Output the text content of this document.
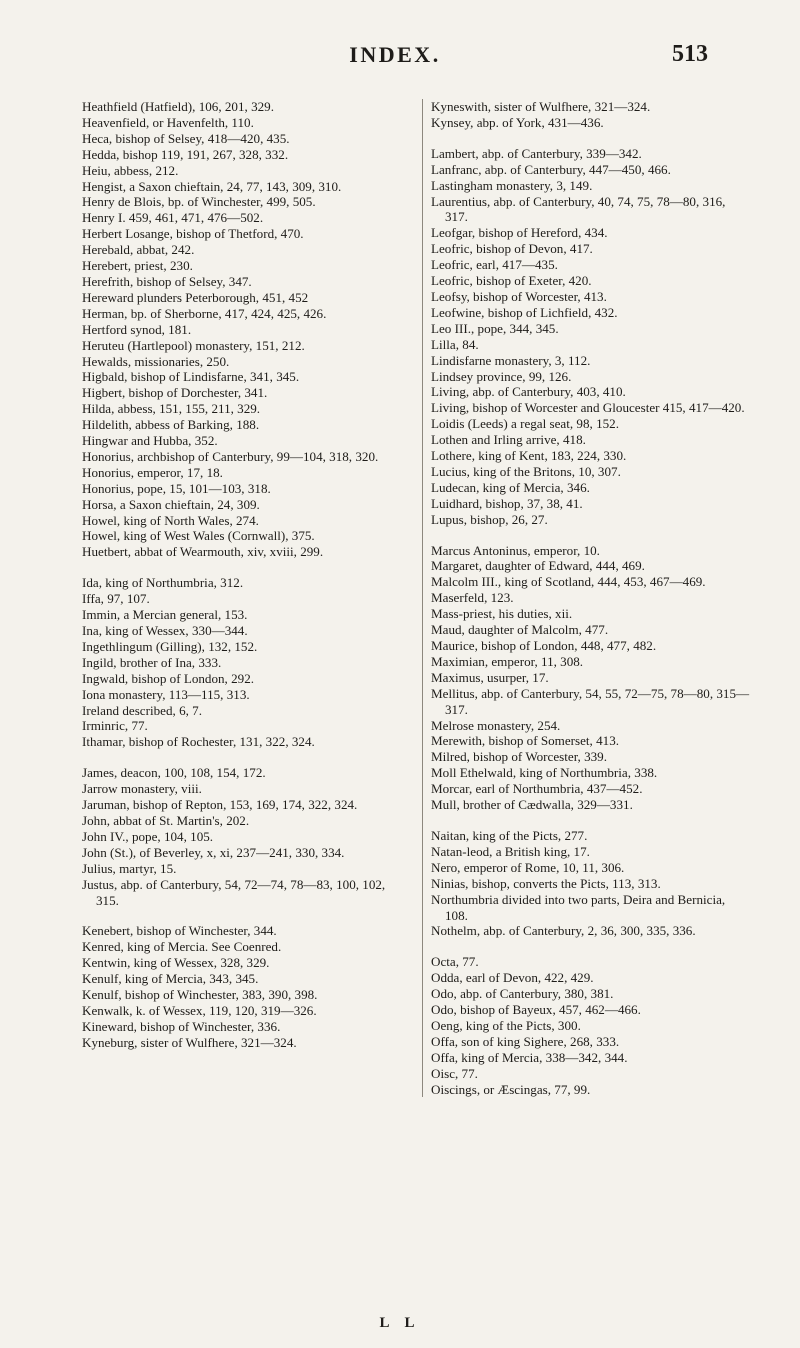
INDEX.	513
Heathfield (Hatfield), 106, 201, 329.
Heavenfield, or Havenfelth, 110.
Heca, bishop of Selsey, 418—420, 435.
Hedda, bishop 119, 191, 267, 328, 332.
Heiu, abbess, 212.
Hengist, a Saxon chieftain, 24, 77, 143, 309, 310.
Henry de Blois, bp. of Winchester, 499, 505.
Henry I. 459, 461, 471, 476—502.
Herbert Losange, bishop of Thetford, 470.
Herebald, abbat, 242.
Herebert, priest, 230.
Herefrith, bishop of Selsey, 347.
Hereward plunders Peterborough, 451, 452
Herman, bp. of Sherborne, 417, 424, 425, 426.
Hertford synod, 181.
Heruteu (Hartlepool) monastery, 151, 212.
Hewalds, missionaries, 250.
Higbald, bishop of Lindisfarne, 341, 345.
Higbert, bishop of Dorchester, 341.
Hilda, abbess, 151, 155, 211, 329.
Hildelith, abbess of Barking, 188.
Hingwar and Hubba, 352.
Honorius, archbishop of Canterbury, 99—104, 318, 320.
Honorius, emperor, 17, 18.
Honorius, pope, 15, 101—103, 318.
Horsa, a Saxon chieftain, 24, 309.
Howel, king of North Wales, 274.
Howel, king of West Wales (Cornwall), 375.
Huetbert, abbat of Wearmouth, xiv, xviii, 299.
Ida, king of Northumbria, 312.
Iffa, 97, 107.
Immin, a Mercian general, 153.
Ina, king of Wessex, 330—344.
Ingethlingum (Gilling), 132, 152.
Ingild, brother of Ina, 333.
Ingwald, bishop of London, 292.
Iona monastery, 113—115, 313.
Ireland described, 6, 7.
Irminric, 77.
Ithamar, bishop of Rochester, 131, 322, 324.
James, deacon, 100, 108, 154, 172.
Jarrow monastery, viii.
Jaruman, bishop of Repton, 153, 169, 174, 322, 324.
John, abbat of St. Martin's, 202.
John IV., pope, 104, 105.
John (St.), of Beverley, x, xi, 237—241, 330, 334.
Julius, martyr, 15.
Justus, abp. of Canterbury, 54, 72—74, 78—83, 100, 102, 315.
Kenebert, bishop of Winchester, 344.
Kenred, king of Mercia. See Coenred.
Kentwin, king of Wessex, 328, 329.
Kenulf, king of Mercia, 343, 345.
Kenulf, bishop of Winchester, 383, 390, 398.
Kenwalk, k. of Wessex, 119, 120, 319—326.
Kineward, bishop of Winchester, 336.
Kyneburg, sister of Wulfhere, 321—324.
Kyneswith, sister of Wulfhere, 321—324.
Kynsey, abp. of York, 431—436.
Lambert, abp. of Canterbury, 339—342.
Lanfranc, abp. of Canterbury, 447—450, 466.
Lastingham monastery, 3, 149.
Laurentius, abp. of Canterbury, 40, 74, 75, 78—80, 316, 317.
Leofgar, bishop of Hereford, 434.
Leofric, bishop of Devon, 417.
Leofric, earl, 417—435.
Leofric, bishop of Exeter, 420.
Leofsy, bishop of Worcester, 413.
Leofwine, bishop of Lichfield, 432.
Leo III., pope, 344, 345.
Lilla, 84.
Lindisfarne monastery, 3, 112.
Lindsey province, 99, 126.
Living, abp. of Canterbury, 403, 410.
Living, bishop of Worcester and Gloucester 415, 417—420.
Loidis (Leeds) a regal seat, 98, 152.
Lothen and Irling arrive, 418.
Lothere, king of Kent, 183, 224, 330.
Lucius, king of the Britons, 10, 307.
Ludecan, king of Mercia, 346.
Luidhard, bishop, 37, 38, 41.
Lupus, bishop, 26, 27.
Marcus Antoninus, emperor, 10.
Margaret, daughter of Edward, 444, 469.
Malcolm III., king of Scotland, 444, 453, 467—469.
Maserfeld, 123.
Mass-priest, his duties, xii.
Maud, daughter of Malcolm, 477.
Maurice, bishop of London, 448, 477, 482.
Maximian, emperor, 11, 308.
Maximus, usurper, 17.
Mellitus, abp. of Canterbury, 54, 55, 72—75, 78—80, 315—317.
Melrose monastery, 254.
Merewith, bishop of Somerset, 413.
Milred, bishop of Worcester, 339.
Moll Ethelwald, king of Northumbria, 338.
Morcar, earl of Northumbria, 437—452.
Mull, brother of Cædwalla, 329—331.
Naitan, king of the Picts, 277.
Natan-leod, a British king, 17.
Nero, emperor of Rome, 10, 11, 306.
Ninias, bishop, converts the Picts, 113, 313.
Northumbria divided into two parts, Deira and Bernicia, 108.
Nothelm, abp. of Canterbury, 2, 36, 300, 335, 336.
Octa, 77.
Odda, earl of Devon, 422, 429.
Odo, abp. of Canterbury, 380, 381.
Odo, bishop of Bayeux, 457, 462—466.
Oeng, king of the Picts, 300.
Offa, son of king Sighere, 268, 333.
Offa, king of Mercia, 338—342, 344.
Oisc, 77.
Oiscings, or Æscingas, 77, 99.
L L
